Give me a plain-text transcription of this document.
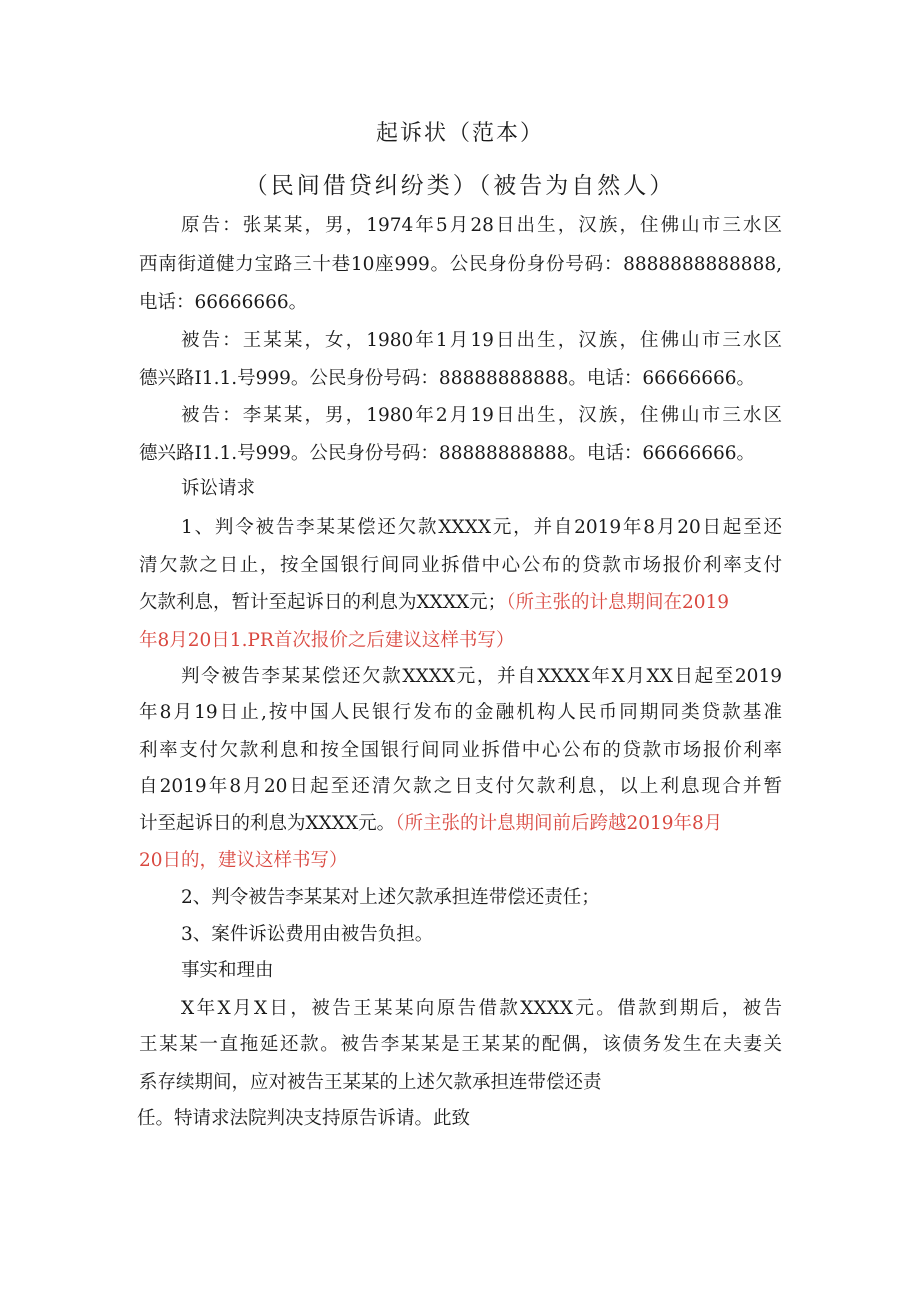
起诉状（范本）
（民间借贷纠纷类）（被告为自然人）
原告：张某某，男，1974年5月28日出生，汉族，住佛山市三水区
西南街道健力宝路三十巷10座999。公民身份身份号码：8888888888888,
电话：66666666。
被告：王某某，女，1980年1月19日出生，汉族，住佛山市三水区
德兴路I1.1.号999。公民身份号码：88888888888。电话：66666666。
被告：李某某，男，1980年2月19日出生，汉族，住佛山市三水区
德兴路I1.1.号999。公民身份号码：88888888888。电话：66666666。
诉讼请求
1、判令被告李某某偿还欠款XXXX元，并自2019年8月20日起至还
清欠款之日止，按全国银行间同业拆借中心公布的贷款市场报价利率支付
欠款利息，暂计至起诉日的利息为XXXX元；（所主张的计息期间在2019
年8月20日1.PR首次报价之后建议这样书写）
判令被告李某某偿还欠款XXXX元，并自XXXX年X月XX日起至2019
年8月19日止,按中国人民银行发布的金融机构人民币同期同类贷款基准
利率支付欠款利息和按全国银行间同业拆借中心公布的贷款市场报价利率
自2019年8月20日起至还清欠款之日支付欠款利息，以上利息现合并暂
计至起诉日的利息为XXXX元。（所主张的计息期间前后跨越2019年8月
20日的，建议这样书写）
2、判令被告李某某对上述欠款承担连带偿还责任；
3、案件诉讼费用由被告负担。
事实和理由
X年X月X日，被告王某某向原告借款XXXX元。借款到期后，被告
王某某一直拖延还款。被告李某某是王某某的配偶，该债务发生在夫妻关
系存续期间，应对被告王某某的上述欠款承担连带偿还责
任。特请求法院判决支持原告诉请。此致
